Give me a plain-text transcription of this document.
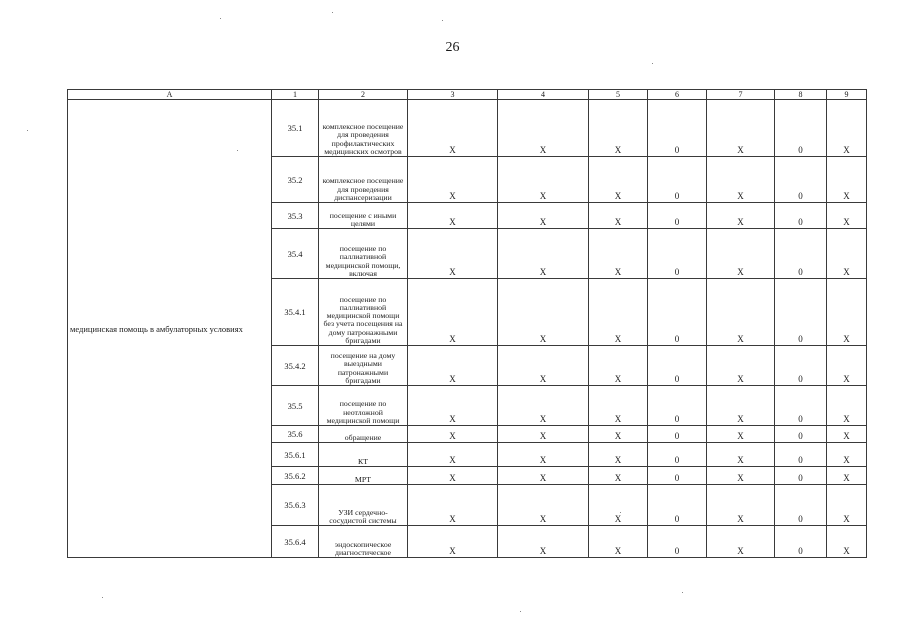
26
A	1	2	3	4	5	6	7	8	9

медицинская помощь в амбулаторных условиях	35.1	комплексное посещение для проведения профилактических медицинских осмотров	X	X	X	0	X	0	X
	35.2	комплексное посещение для проведения диспансеризации	X	X	X	0	X	0	X
	35.3	посещение с иными целями	X	X	X	0	X	0	X
	35.4	посещение по паллиативной медицинской помощи, включая	X	X	X	0	X	0	X
	35.4.1	посещение по паллиативной медицинской помощи без учета посещения на дому патронажными бригадами	X	X	X	0	X	0	X
	35.4.2	посещение на дому выездными патронажными бригадами	X	X	X	0	X	0	X
	35.5	посещение по неотложной медицинской помощи	X	X	X	0	X	0	X
	35.6	обращение	X	X	X	0	X	0	X
	35.6.1	КТ	X	X	X	0	X	0	X
	35.6.2	МРТ	X	X	X	0	X	0	X
	35.6.3	УЗИ сердечно-сосудистой системы	X	X	X	0	X	0	X
	35.6.4	эндоскопическое диагностическое	X	X	X	0	X	0	X
